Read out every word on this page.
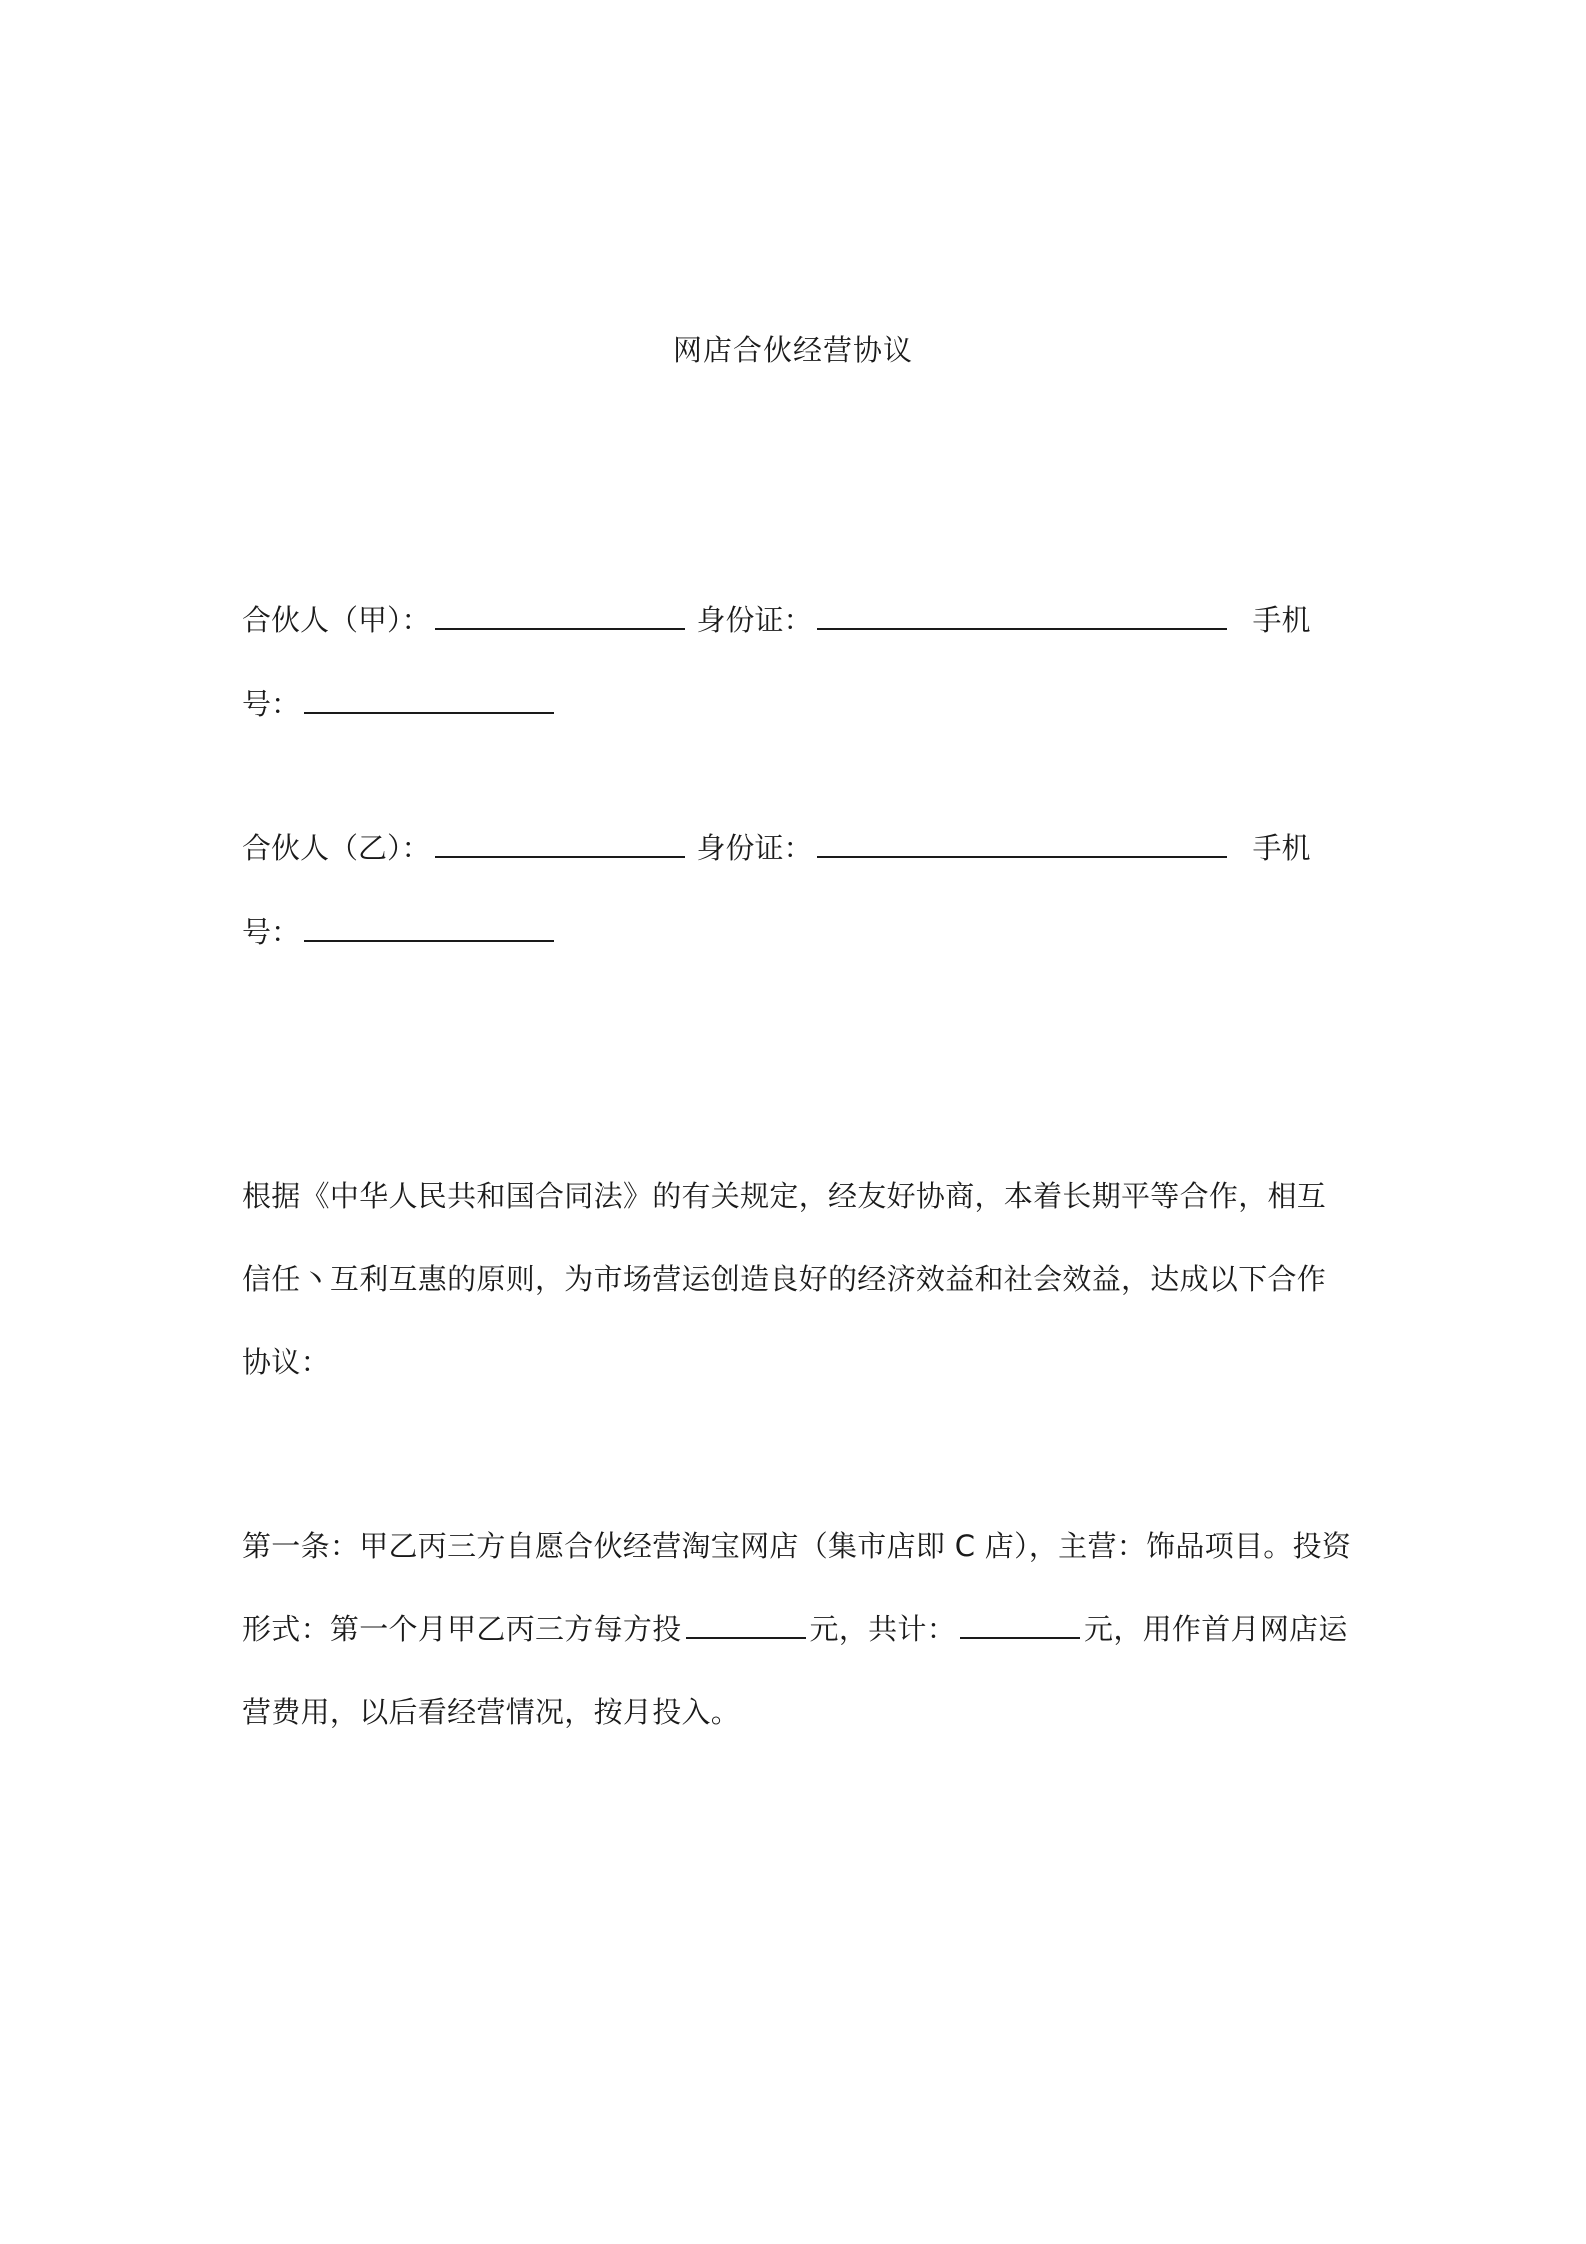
网店合伙经营协议
合伙人（甲）：	身份证：	手机
号：
合伙人（乙）：	身份证：	手机
号：
根据《中华人民共和国合同法》的有关规定，经友好协商，本着长期平等合作，相互信任丶互利互惠的原则，为市场营运创造良好的经济效益和社会效益，达成以下合作协议：
第一条：甲乙丙三方自愿合伙经营淘宝网店（集市店即 C 店），主营：饰品项目。投资形式：第一个月甲乙丙三方每方投	元，共计：	元，用作首月网店运营费用，以后看经营情况，按月投入。
